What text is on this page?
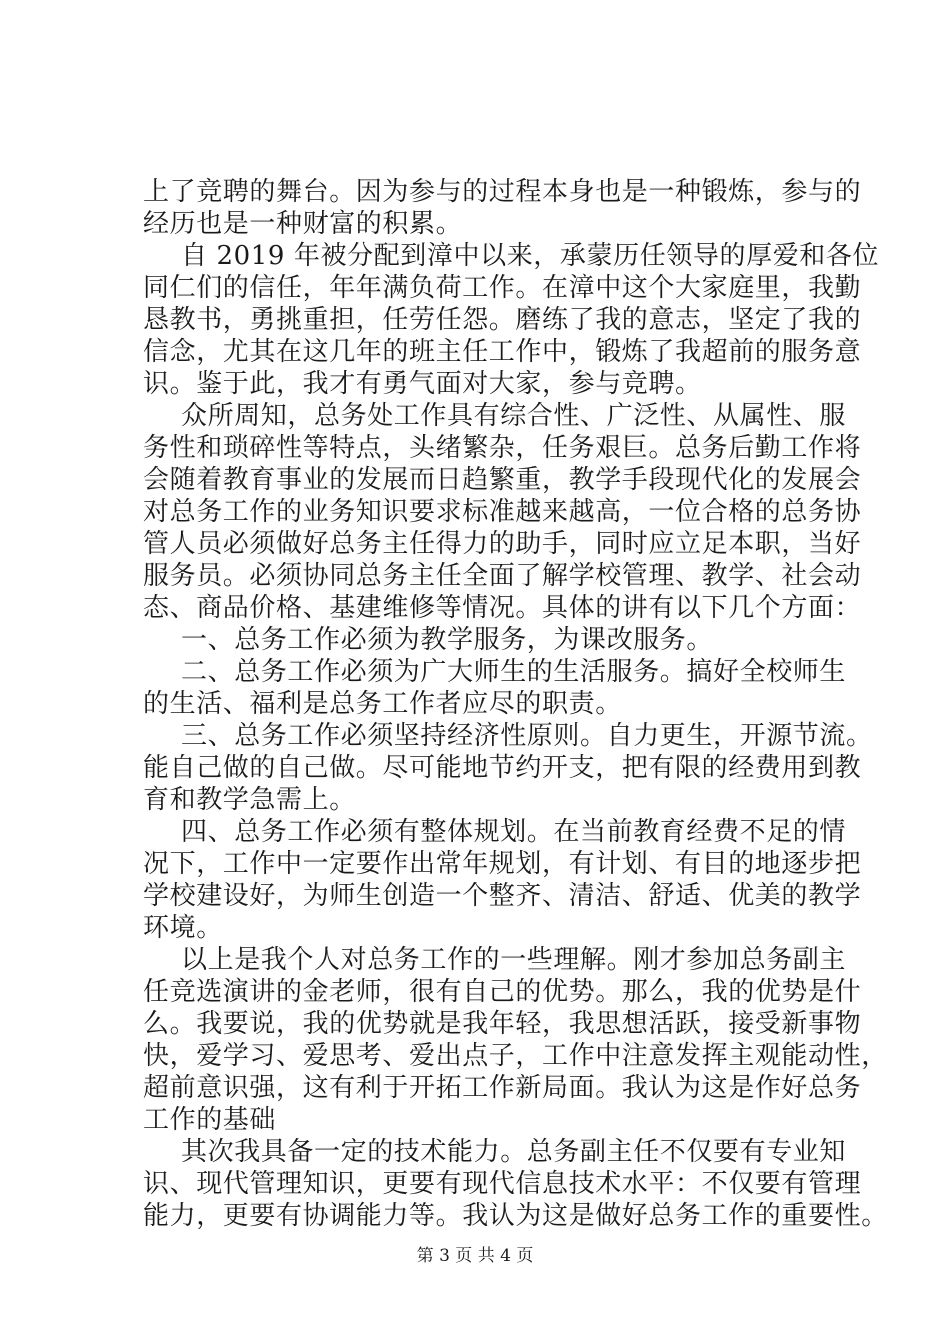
上了竞聘的舞台。因为参与的过程本身也是一种锻炼，参与的
经历也是一种财富的积累。
自 2019 年被分配到漳中以来，承蒙历任领导的厚爱和各位
同仁们的信任，年年满负荷工作。在漳中这个大家庭里，我勤
恳教书，勇挑重担，任劳任怨。磨练了我的意志，坚定了我的
信念，尤其在这几年的班主任工作中，锻炼了我超前的服务意
识。鉴于此，我才有勇气面对大家，参与竞聘。
众所周知，总务处工作具有综合性、广泛性、从属性、服
务性和琐碎性等特点，头绪繁杂，任务艰巨。总务后勤工作将
会随着教育事业的发展而日趋繁重，教学手段现代化的发展会
对总务工作的业务知识要求标准越来越高，一位合格的总务协
管人员必须做好总务主任得力的助手，同时应立足本职，当好
服务员。必须协同总务主任全面了解学校管理、教学、社会动
态、商品价格、基建维修等情况。具体的讲有以下几个方面：
一、总务工作必须为教学服务，为课改服务。
二、总务工作必须为广大师生的生活服务。搞好全校师生
的生活、福利是总务工作者应尽的职责。
三、总务工作必须坚持经济性原则。自力更生，开源节流。
能自己做的自己做。尽可能地节约开支，把有限的经费用到教
育和教学急需上。
四、总务工作必须有整体规划。在当前教育经费不足的情
况下，工作中一定要作出常年规划，有计划、有目的地逐步把
学校建设好，为师生创造一个整齐、清洁、舒适、优美的教学
环境。
以上是我个人对总务工作的一些理解。刚才参加总务副主
任竞选演讲的金老师，很有自己的优势。那么，我的优势是什
么。我要说，我的优势就是我年轻，我思想活跃，接受新事物
快，爱学习、爱思考、爱出点子，工作中注意发挥主观能动性，
超前意识强，这有利于开拓工作新局面。我认为这是作好总务
工作的基础
其次我具备一定的技术能力。总务副主任不仅要有专业知
识、现代管理知识，更要有现代信息技术水平：不仅要有管理
能力，更要有协调能力等。我认为这是做好总务工作的重要性。
第 3 页 共 4 页
